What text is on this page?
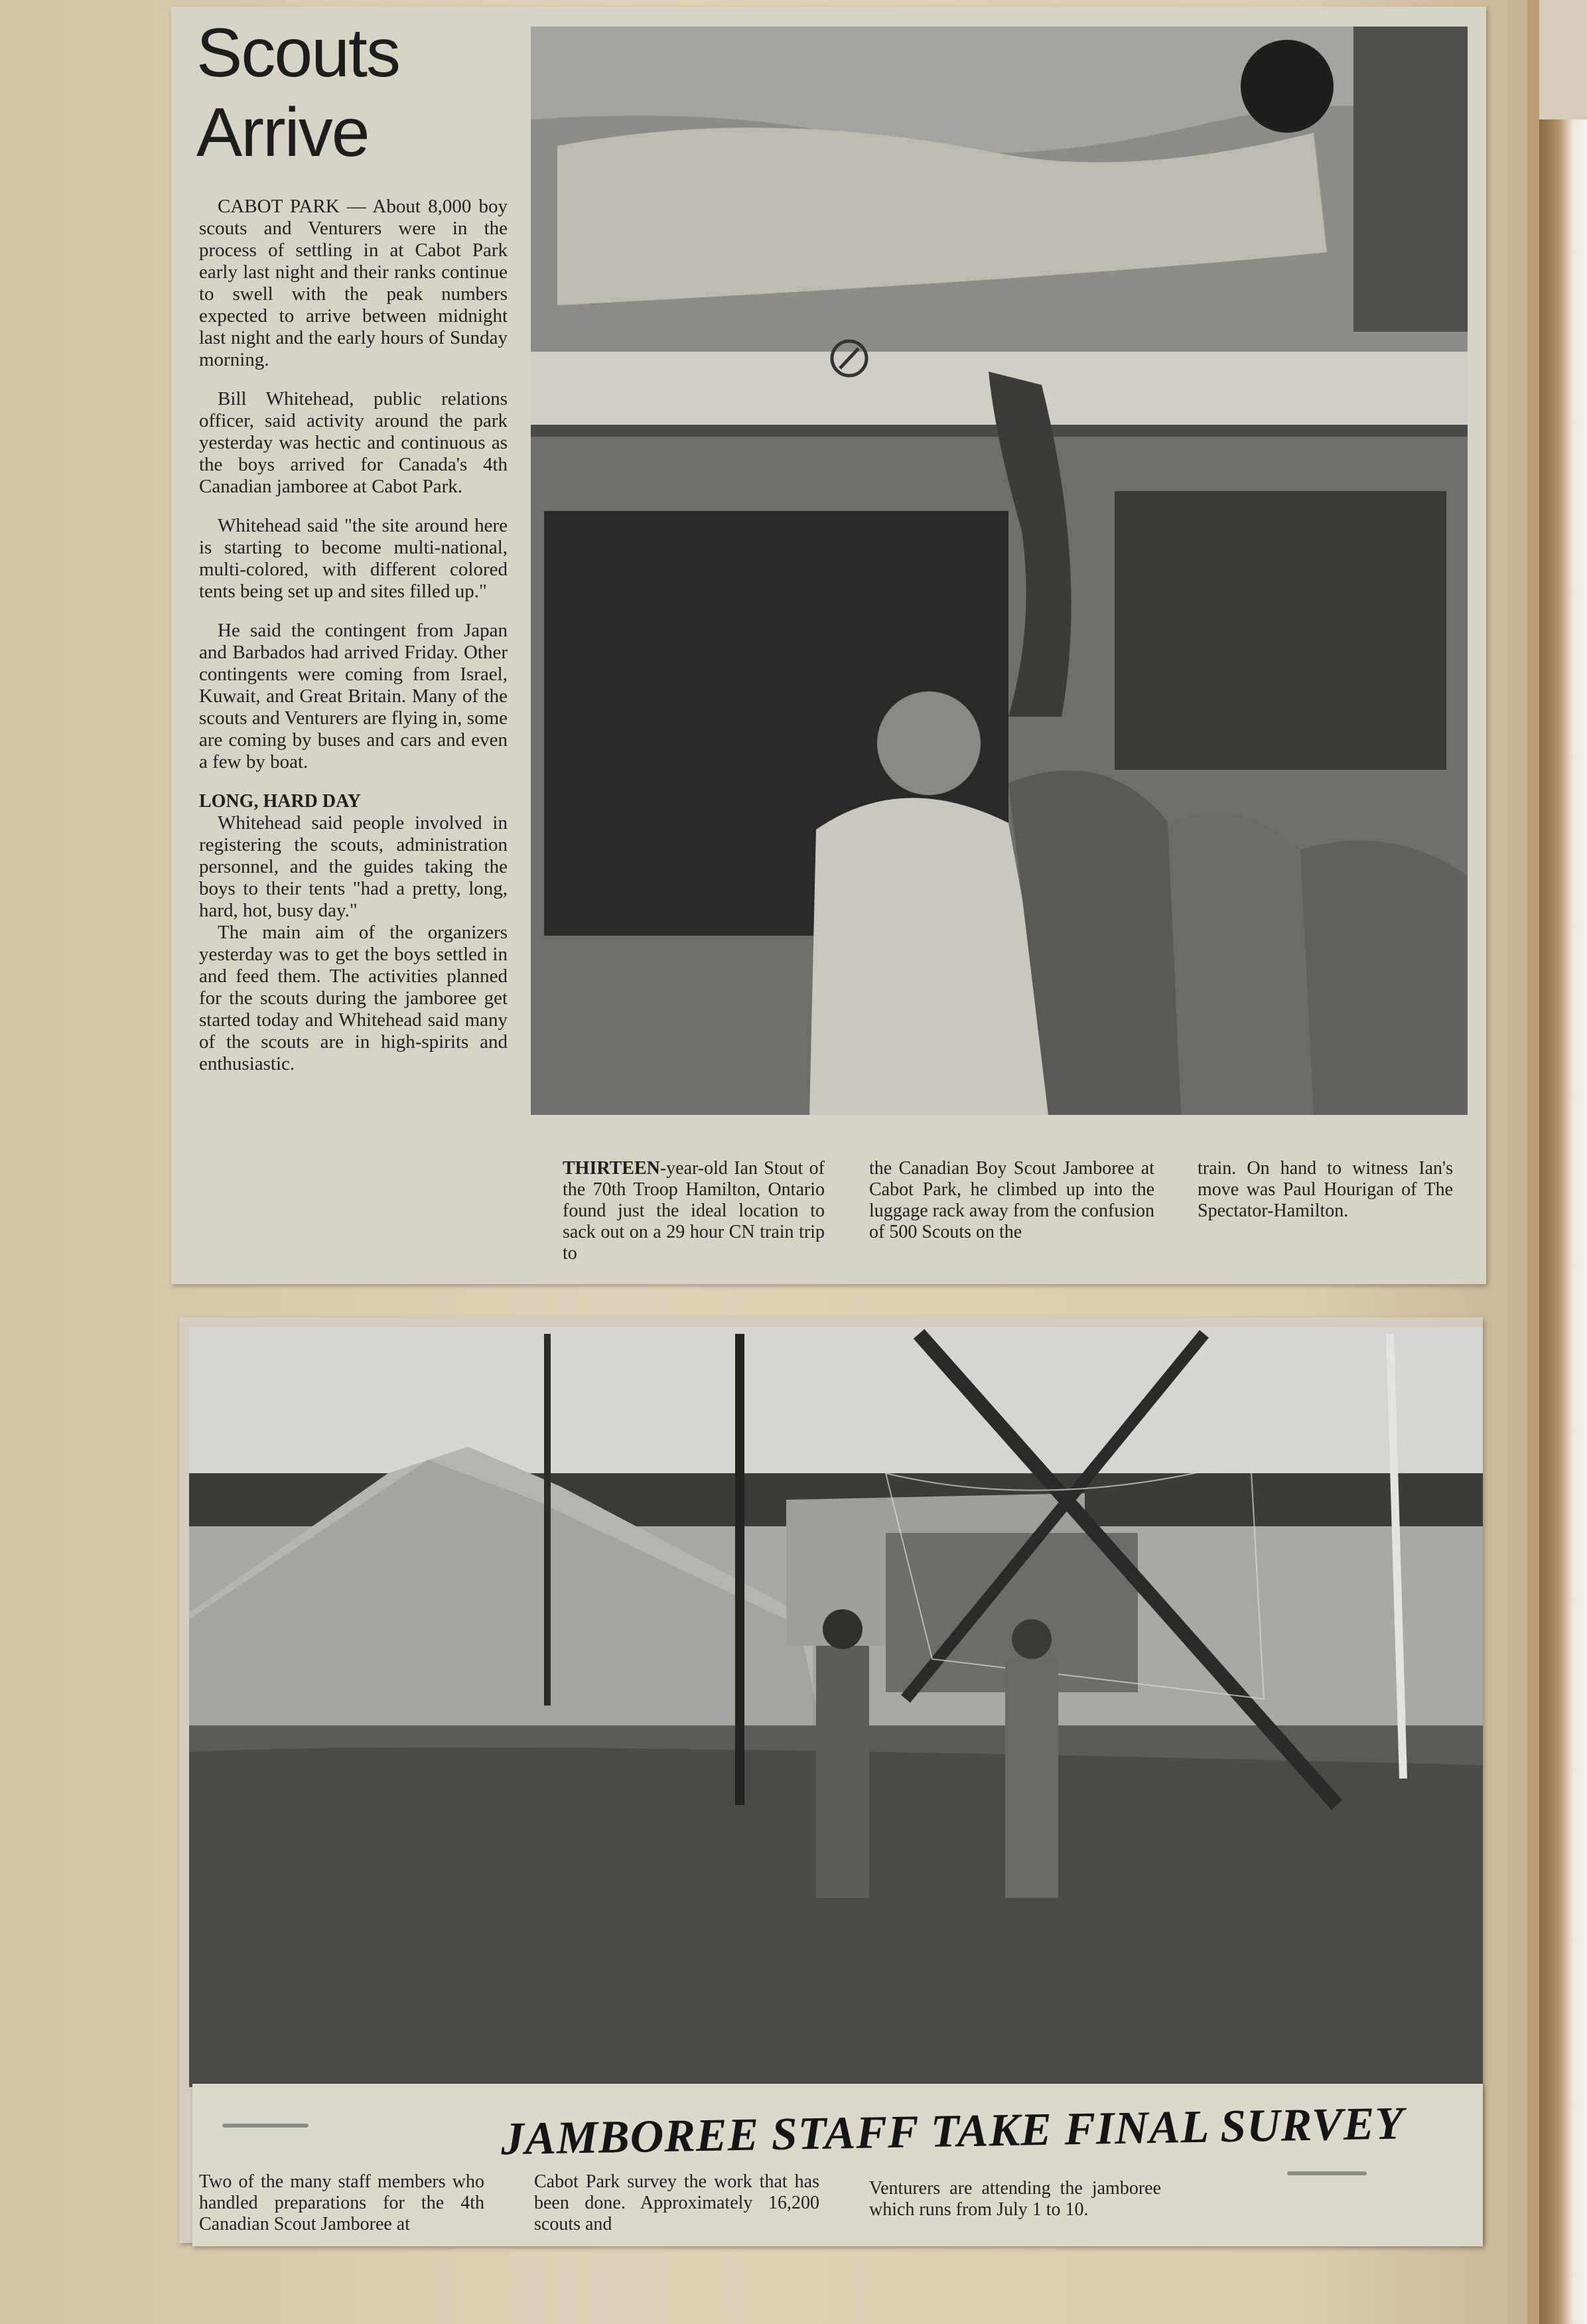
Scouts
Arrive

CABOT PARK — About 8,000 boy scouts and Venturers were in the process of settling in at Cabot Park early last night and their ranks continue to swell with the peak numbers expected to arrive between midnight last night and the early hours of Sunday morning.

Bill Whitehead, public relations officer, said activity around the park yesterday was hectic and continuous as the boys arrived for Canada's 4th Canadian jamboree at Cabot Park.

Whitehead said "the site around here is starting to become multi-national, multi-colored, with different colored tents being set up and sites filled up."

He said the contingent from Japan and Barbados had arrived Friday. Other contingents were coming from Israel, Kuwait, and Great Britain. Many of the scouts and Venturers are flying in, some are coming by buses and cars and even a few by boat.

LONG, HARD DAY

Whitehead said people involved in registering the scouts, administration personnel, and the guides taking the boys to their tents "had a pretty, long, hard, hot, busy day."

The main aim of the organizers yesterday was to get the boys settled in and feed them. The activities planned for the scouts during the jamboree get started today and Whitehead said many of the scouts are in high-spirits and enthusiastic.

THIRTEEN-year-old Ian Stout of the 70th Troop Hamilton, Ontario found just the ideal location to sack out on a 29 hour CN train trip to
the Canadian Boy Scout Jamboree at Cabot Park, he climbed up into the luggage rack away from the confusion of 500 Scouts on the
train. On hand to witness Ian's move was Paul Hourigan of The Spectator-Hamilton.
JAMBOREE STAFF TAKE FINAL SURVEY
Two of the many staff members who handled preparations for the 4th Canadian Scout Jamboree at
Cabot Park survey the work that has been done. Approximately 16,200 scouts and
Venturers are attending the jamboree which runs from July 1 to 10.
